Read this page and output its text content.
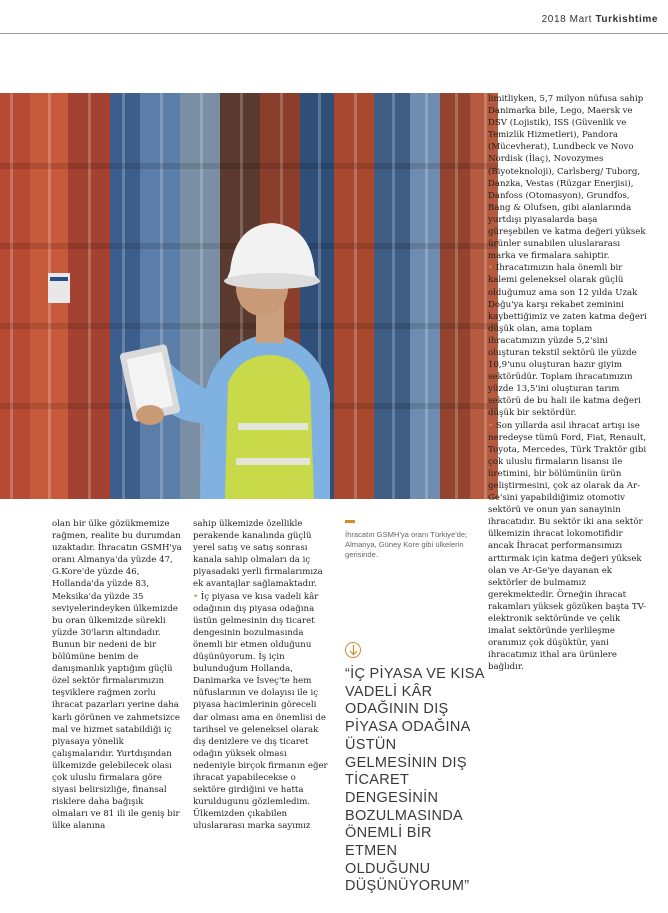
2018 Mart Turkishtime

olan bir ülke gözükmemize rağmen, realite bu durumdan uzaktadır. İhracatın GSMH'ya oranı Almanya'da yüzde 47, G.Kore'de yüzde 46, Hollanda'da yüzde 83, Meksika'da yüzde 35 seviyelerindeyken ülkemizde bu oran ülkemizde sürekli yüzde 30'ların altındadır. Bunun bir nedeni de bir bölümüne benim de danışmanlık yaptığım güçlü özel sektör firmalarımızın teşviklere rağmen zorlu ihracat pazarları yerine daha karlı görünen ve zahmetsizce mal ve hizmet satabildiği iç piyasaya yönelik çalışmalarıdır. Yurtdışından ülkemizde gelebilecek olası çok uluslu firmalara göre siyasi belirsizliğe, finansal risklere daha bağışık olmaları ve 81 ili ile geniş bir ülke alanına

sahip ülkemizde özellikle perakende kanalında güçlü yerel satış ve satış sonrası kanala sahip olmaları da iç piyasadaki yerli firmalarımıza ek avantajlar sağlamaktadır.

• İç piyasa ve kısa vadeli kâr odağının dış piyasa odağına üstün gelmesinin dış ticaret dengesinin bozulmasında önemli bir etmen olduğunu düşünüyorum. İş için bulunduğum Hollanda, Danimarka ve İsveç'te hem nüfuslarının ve dolayısı ile iç piyasa hacimlerinin göreceli dar olması ama en önemlisi de tarihsel ve geleneksel olarak dış denizlere ve dış ticaret odağın yüksek olması nedeniyle birçok firmanın eğer ihracat yapabilecekse o sektöre girdiğini ve hatta kuruldugunu gözlemledim. Ülkemizden çıkabilen uluslararası marka sayımız

İhracatın GSMH'ya oranı Türkiye'de; Almanya, Güney Kore gibi ülkelerin gerisinde.
“İÇ PİYASA VE KISA VADELİ KÂR ODAĞININ DIŞ PİYASA ODAĞINA ÜSTÜN GELMESİNIN DIŞ TİCARET DENGESİNİN BOZULMASINDA ÖNEMLİ BİR ETMEN OLDUĞUNU DÜŞÜNÜYORUM”

limitliyken, 5,7 milyon nüfusa sahip Danimarka bile, Lego, Maersk ve DSV (Lojistik), ISS (Güvenlik ve Temizlik Hizmetleri), Pandora (Mücevherat), Lundbeck ve Novo Nordisk (İlaç), Novozymes (Biyoteknoloji), Carlsberg/ Tuborg, Danzka, Vestas (Rüzgar Enerjisi), Danfoss (Otomasyon), Grundfos, Bang & Olufsen, gibi alanlarında yurtdışı piyasalarda başa güreşebilen ve katma değeri yüksek ürünler sunabilen uluslararası marka ve firmalara sahiptir.

• İhracatımızın hala önemli bir kalemi geleneksel olarak güçlü olduğumuz ama son 12 yılda Uzak Doğu'ya karşı rekabet zeminini kaybettiğimiz ve zaten katma değeri düşük olan, ama toplam ihracatımızın yüzde 5,2'sini oluşturan tekstil sektörü ile yüzde 10,9'unu oluşturan hazır giyim sektörüdür. Toplam ihracatımızın yüzde 13,5'ini oluşturan tarım sektörü de bu hali ile katma değeri düşük bir sektördür.

• Son yıllarda asıl ihracat artışı ise neredeyse tümü Ford, Fiat, Renault, Toyota, Mercedes, Türk Traktör gibi çok uluslu firmaların lisansı ile üretimini, bir bölümünün ürün geliştirmesini, çok az olarak da Ar-Ge'sini yapabildiğimiz otomotiv sektörü ve onun yan sanayinin ihracatıdır. Bu sektör iki ana sektör ülkemizin ihracat lokomotifidir ancak İhracat performansımızı arttırmak için katma değeri yüksek olan ve Ar-Ge'ye dayanan ek sektörler de bulmamız gerekmektedir. Örneğin ihracat rakamları yüksek gözüken başta TV-elektronik sektöründe ve çelik imalat sektöründe yerlileşme oranımız çok düşüktür, yani ihracatımız ithal ara ürünlere bağlıdır.
